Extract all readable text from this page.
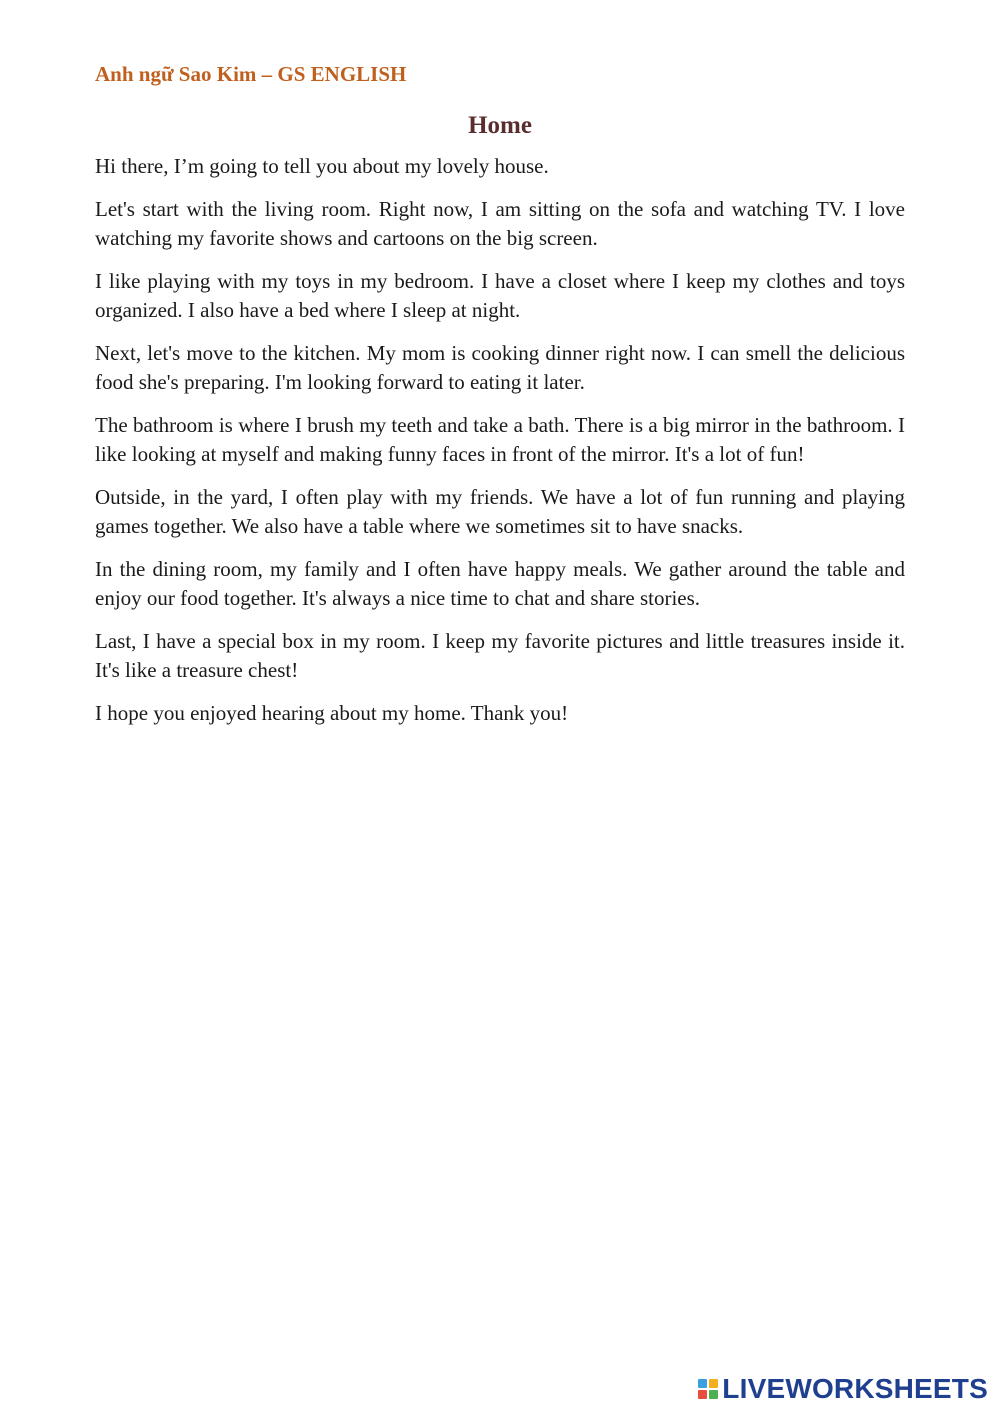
Anh ngữ Sao Kim – GS ENGLISH
Home

Hi there, I’m going to tell you about my lovely house.

Let's start with the living room. Right now, I am sitting on the sofa and watching TV. I love watching my favorite shows and cartoons on the big screen.

I like playing with my toys in my bedroom. I have a closet where I keep my clothes and toys organized. I also have a bed where I sleep at night.

Next, let's move to the kitchen. My mom is cooking dinner right now. I can smell the delicious food she's preparing. I'm looking forward to eating it later.

The bathroom is where I brush my teeth and take a bath. There is a big mirror in the bathroom. I like looking at myself and making funny faces in front of the mirror. It's a lot of fun!

Outside, in the yard, I often play with my friends. We have a lot of fun running and playing games together. We also have a table where we sometimes sit to have snacks.

In the dining room, my family and I often have happy meals. We gather around the table and enjoy our food together. It's always a nice time to chat and share stories.

Last, I have a special box in my room. I keep my favorite pictures and little treasures inside it. It's like a treasure chest!

I hope you enjoyed hearing about my home. Thank you!

LIVEWORKSHEETS
